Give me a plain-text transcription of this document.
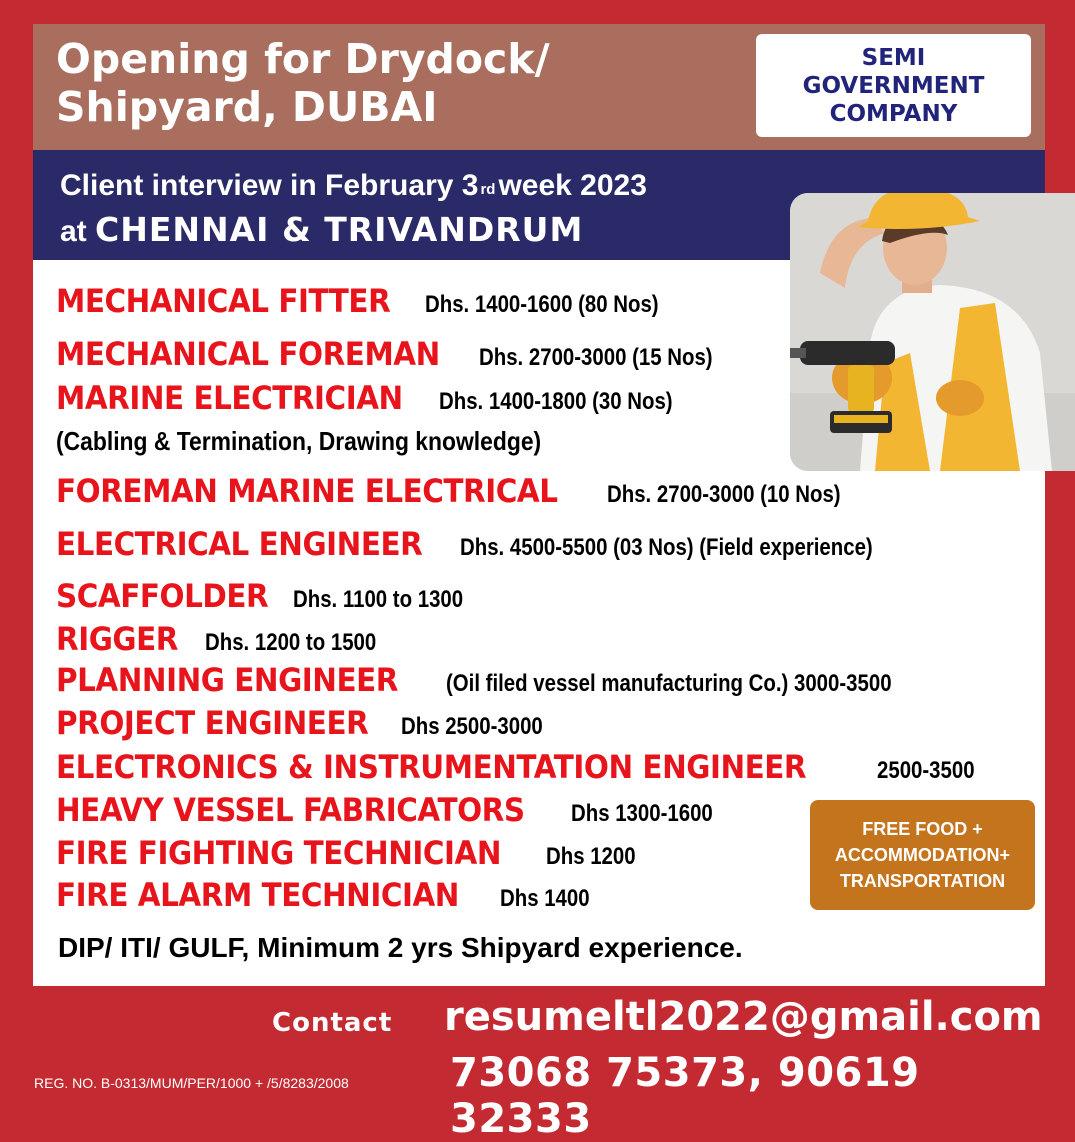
Opening for Drydock/
Shipyard, DUBAI
SEMI
GOVERNMENT
COMPANY

Client interview in February 3 $^{rd}$ week 2023
at CHENNAI & TRIVANDRUM

MECHANICAL FITTER Dhs. 1400-1600 (80 Nos)
MECHANICAL FOREMAN Dhs. 2700-3000 (15 Nos)
MARINE ELECTRICIAN Dhs. 1400-1800 (30 Nos)
FOREMAN MARINE ELECTRICAL Dhs. 2700-3000 (10 Nos)
ELECTRICAL ENGINEER Dhs. 4500-5500 (03 Nos) (Field experience)
SCAFFOLDER Dhs. 1100 to 1300
RIGGER Dhs. 1200 to 1500
PLANNING ENGINEER (Oil filed vessel manufacturing Co.) 3000-3500
PROJECT ENGINEER Dhs 2500-3000
ELECTRONICS & INSTRUMENTATION ENGINEER	2500-3500
HEAVY VESSEL FABRICATORS Dhs 1300-1600
FIRE FIGHTING TECHNICIAN Dhs 1200
FIRE ALARM TECHNICIAN Dhs 1400
(Cabling & Termination, Drawing knowledge)
FREE FOOD +
ACCOMMODATION+
TRANSPORTATION
DIP/ ITI/ GULF, Minimum 2 yrs Shipyard experience.
Contact resumeltl2022@gmail.com
73068 75373, 90619 32333
REG. NO. B-0313/MUM/PER/1000 + /5/8283/2008
